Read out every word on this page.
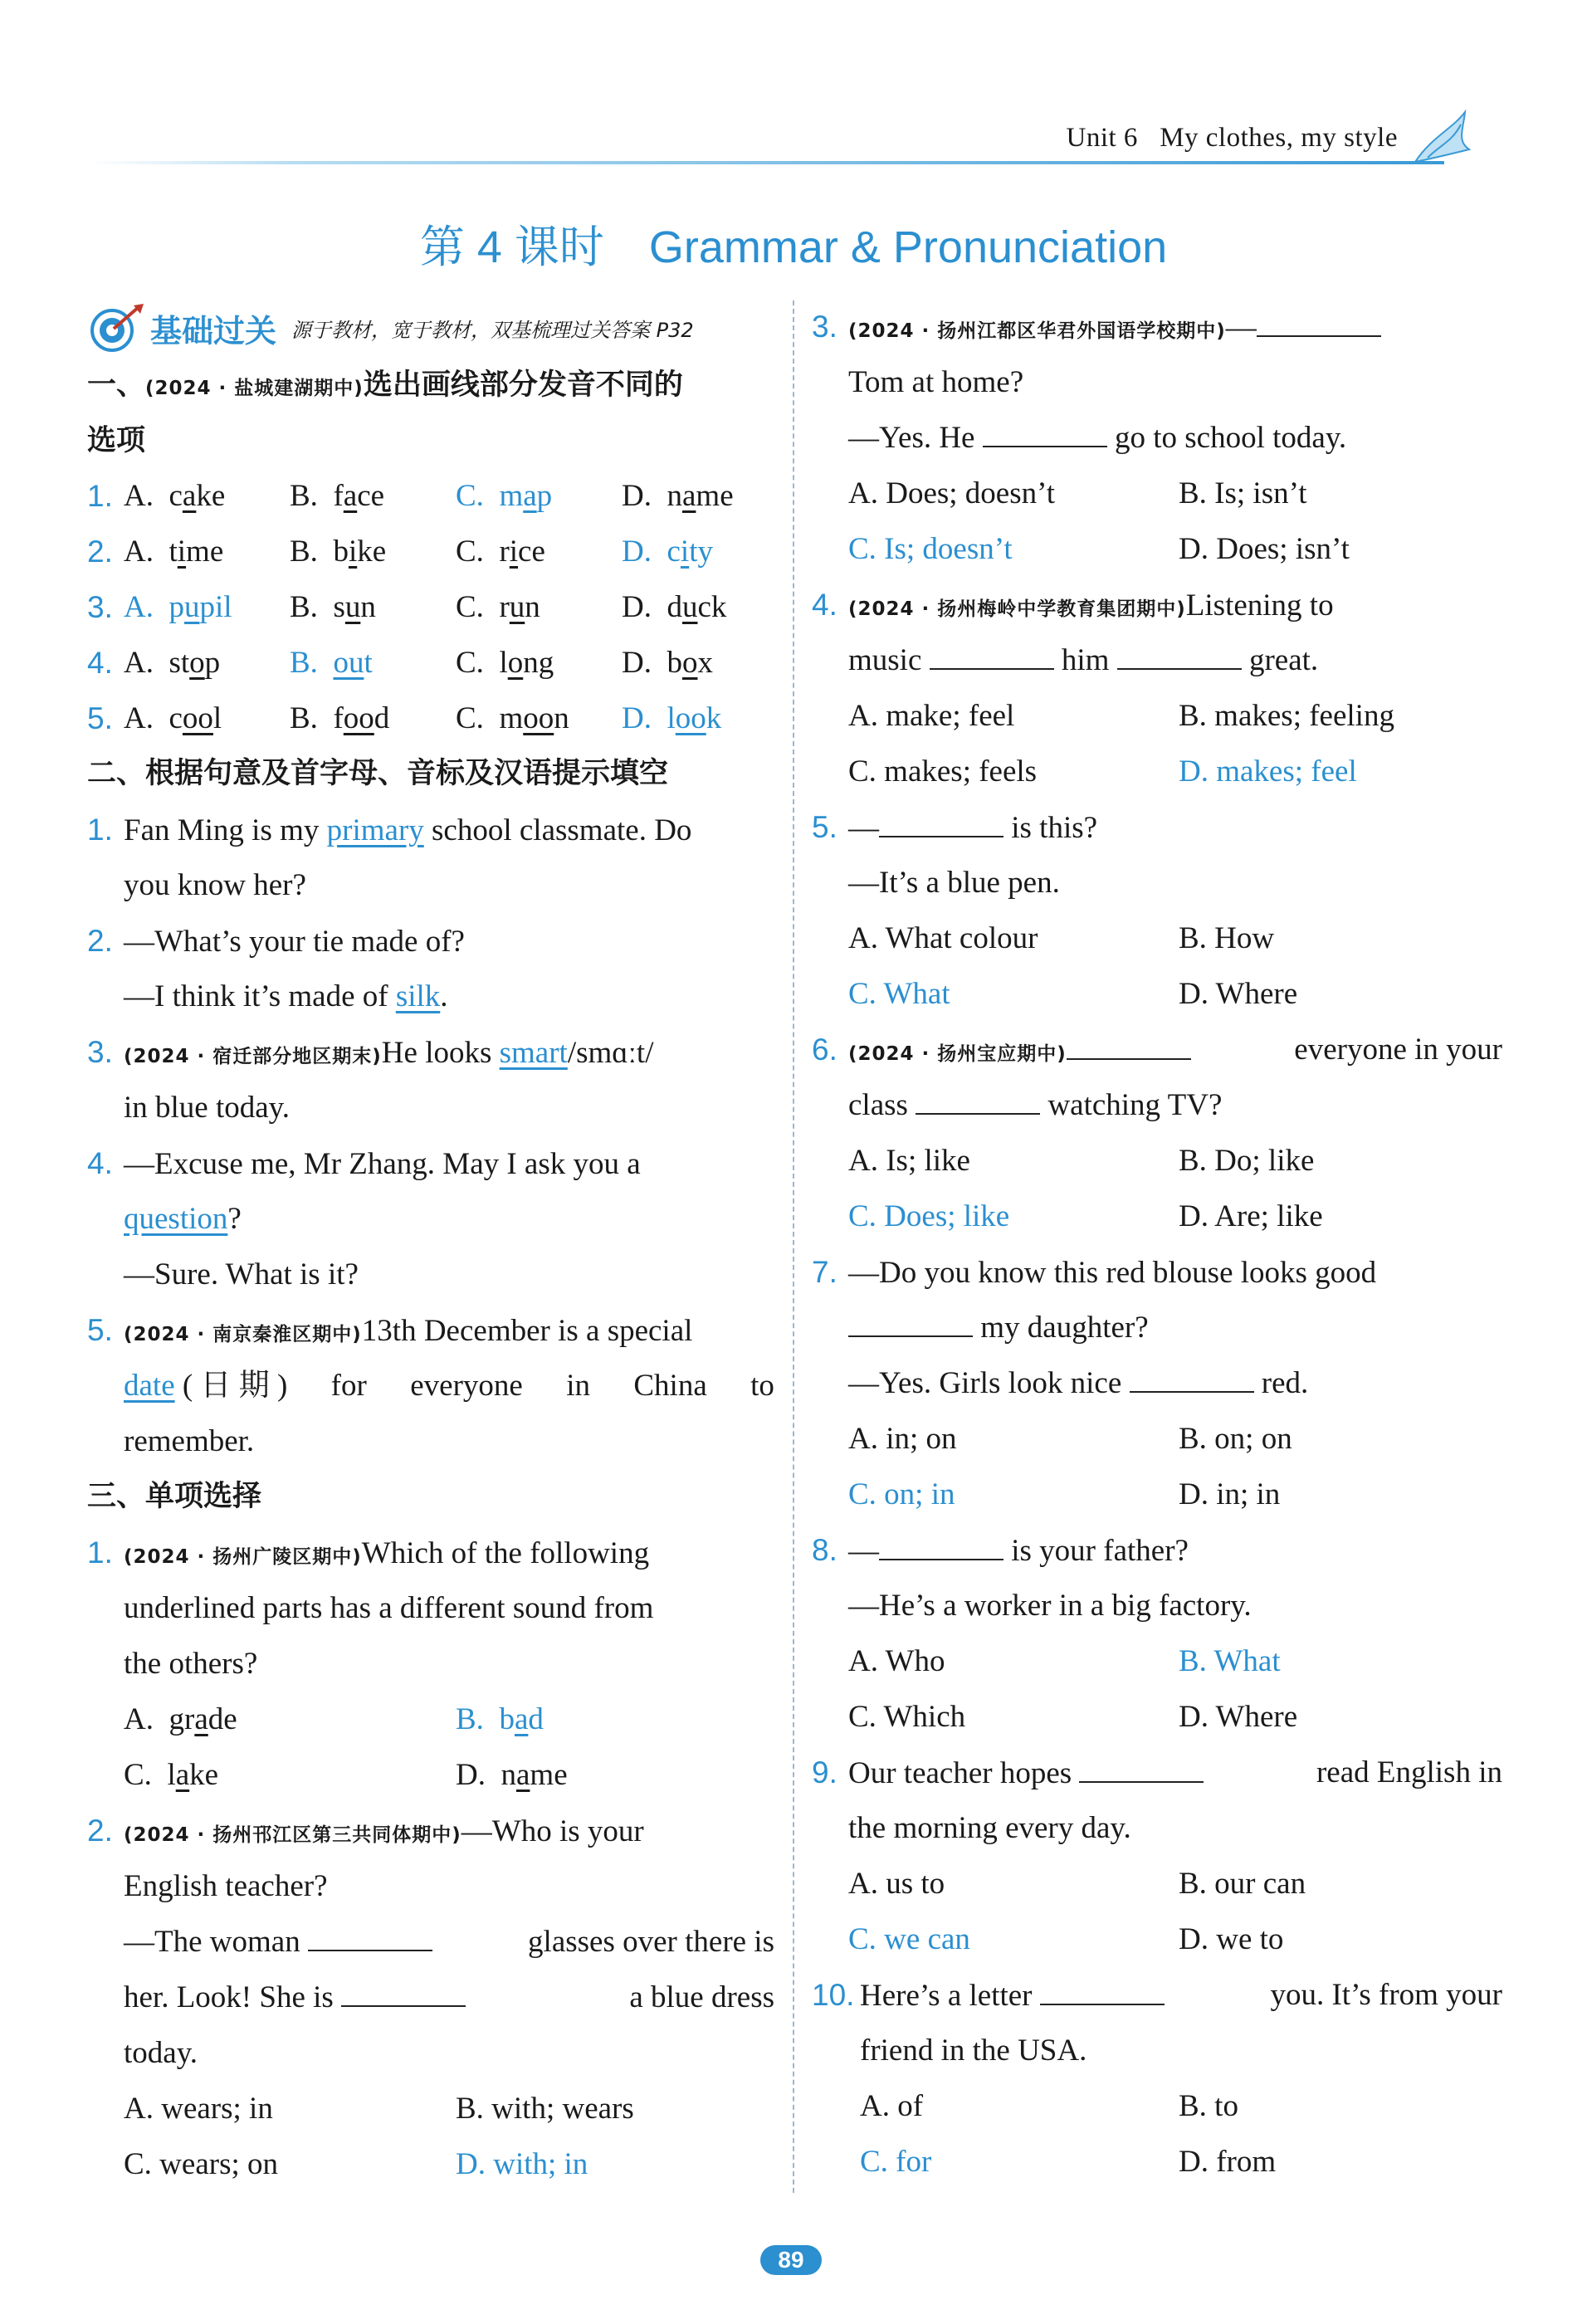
Unit 6 My clothes, my style
第 4 课时　Grammar & Pronunciation
基础过关 源于教材，宽于教材，双基梳理过关答案 P32
一、(2024 · 盐城建湖期中)选出画线部分发音不同的
选项
1. A. cake B. face C. map D. name
2. A. time B. bike C. rice D. city
3. A. pupil B. sun	C. run	D. duck
4. A. stop B. out	C. long D. box
5. A. cool B. food C. moon D. look
二、根据句意及首字母、音标及汉语提示填空
1. Fan Ming is my primary school classmate. Do
you know her?
2. —What’s your tie made of?
—I think it’s made of silk.
3. (2024 · 宿迁部分地区期末)He looks smart/smɑːt/
in blue today.
4. —Excuse me, Mr Zhang. May I ask you a
question?
—Sure. What is it?
5. (2024 · 南京秦淮区期中)13th December is a special
date ( 日 期 ) for everyone in China to
remember.
三、单项选择
1. (2024 · 扬州广陵区期中)Which of the following
underlined parts has a different sound from
the others?
A. grade	B. bad
C. lake	D. name
2. (2024 · 扬州邗江区第三共同体期中)—Who is your
English teacher?
—The woman	glasses over there is
her. Look! She is	a blue dress
today.
A. wears; in	B. with; wears
C. wears; on	D. with; in
3. (2024 · 扬州江都区华君外国语学校期中)—
Tom at home?
—Yes. He	go to school today.
A. Does; doesn’t	B. Is; isn’t
C. Is; doesn’t	D. Does; isn’t
4. (2024 · 扬州梅岭中学教育集团期中)Listening to
music	him	great.
A. make; feel	B. makes; feeling
C. makes; feels	D. makes; feel
5. —	is this?
—It’s a blue pen.
A. What colour	B. How
C. What	D. Where
6. (2024 · 扬州宝应期中)	everyone in your
class	watching TV?
A. Is; like	B. Do; like
C. Does; like	D. Are; like
7. —Do you know this red blouse looks good
my daughter?
—Yes. Girls look nice	red.
A. in; on	B. on; on
C. on; in	D. in; in
8. —	is your father?
—He’s a worker in a big factory.
A. Who	B. What
C. Which	D. Where
9. Our teacher hopes	read English in
the morning every day.
A. us to	B. our can
C. we can	D. we to
10. Here’s a letter	you. It’s from your
friend in the USA.
A. of	B. to
C. for	D. from
89
